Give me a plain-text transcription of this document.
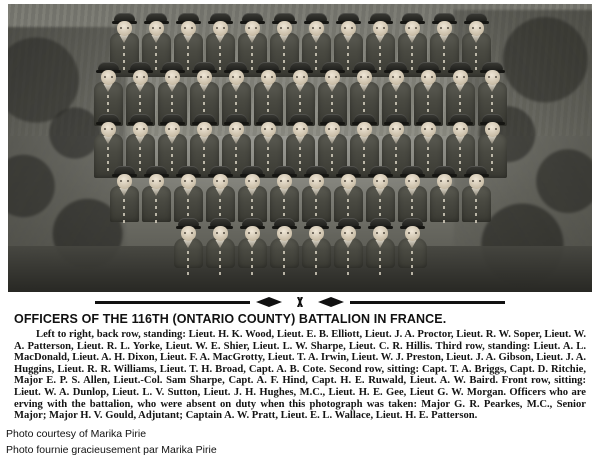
OFFICERS OF THE 116TH (ONTARIO COUNTY) BATTALION IN FRANCE.

Left to right, back row, standing: Lieut. H. K. Wood, Lieut. E. B. Elliott, Lieut. J. A. Proctor, Lieut. R. W. Soper, Lieut. W. A. Patterson, Lieut. R. L. Yorke, Lieut. W. E. Shier, Lieut. L. W. Sharpe, Lieut. C. R. Hillis. Third row, standing: Lieut. A. L. MacDonald, Lieut. A. H. Dixon, Lieut. F. A. MacGrotty, Lieut. T. A. Irwin, Lieut. W. J. Preston, Lieut. J. A. Gibson, Lieut. J. A. Huggins, Lieut. R. R. Williams, Lieut. T. H. Broad, Capt. A. B. Cote. Second row, sitting: Capt. T. A. Briggs, Capt. D. Ritchie, Major E. P. S. Allen, Lieut.-Col. Sam Sharpe, Capt. A. F. Hind, Capt. H. E. Ruwald, Lieut. A. W. Baird. Front row, sitting: Lieut. W. A. Dunlop, Lieut. L. V. Sutton, Lieut. J. H. Hughes, M.C., Lieut. H. E. Gee, Lieut G. W. Morgan. Officers who are erving with the battalion, who were absent on duty when this photograph was taken: Major G. R. Pearkes, M.C., Senior Major; Major H. V. Gould, Adjutant; Captain A. W. Pratt, Lieut. E. L. Wallace, Lieut. H. E. Patterson.

Photo courtesy of Marika Pirie
Photo fournie gracieusement par Marika Pirie
